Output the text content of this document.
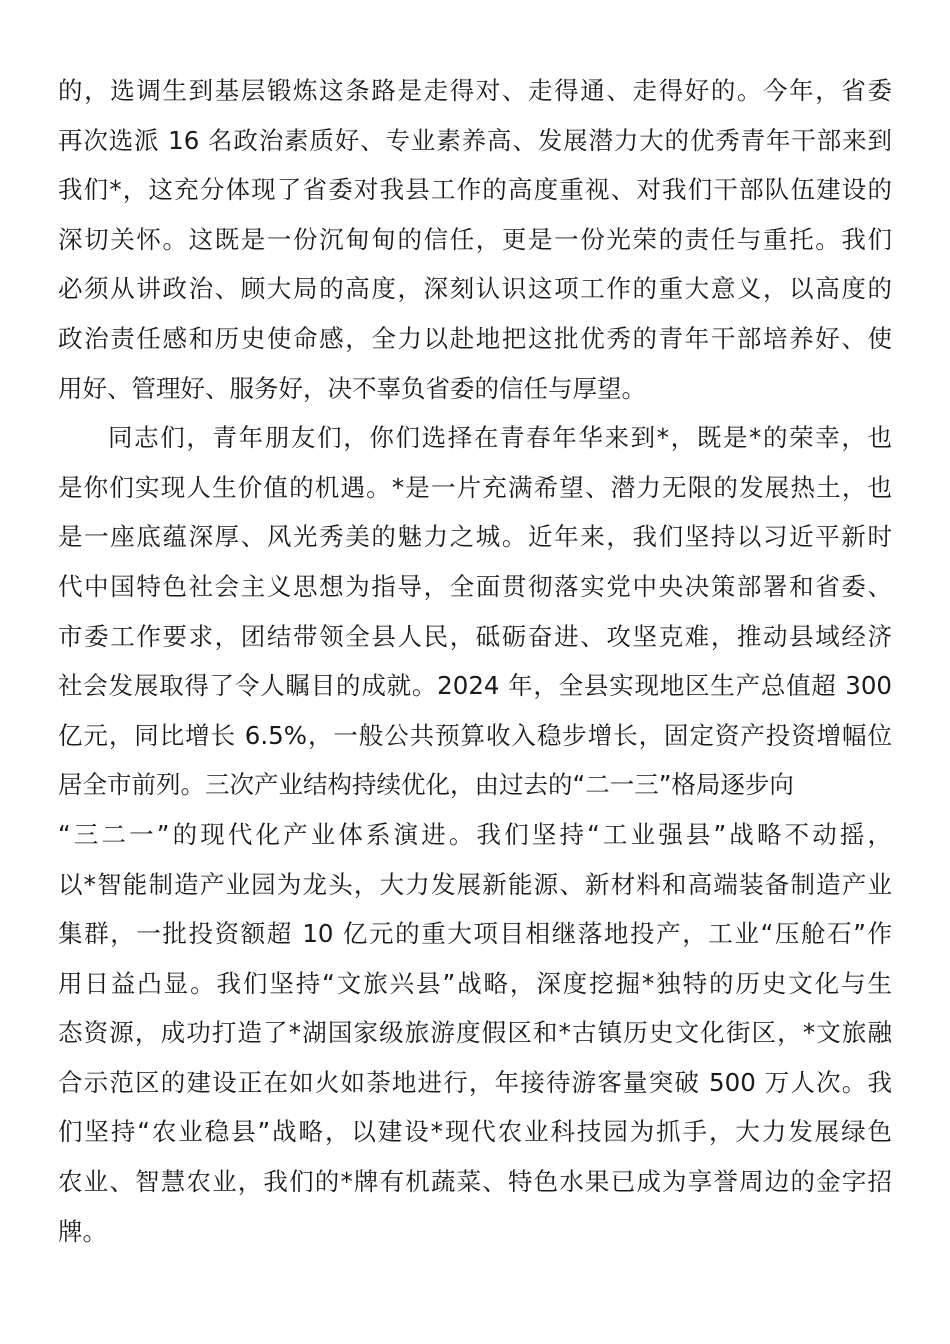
的，选调生到基层锻炼这条路是走得对、走得通、走得好的。今年，省委
再次选派 16 名政治素质好、专业素养高、发展潜力大的优秀青年干部来到
我们*，这充分体现了省委对我县工作的高度重视、对我们干部队伍建设的
深切关怀。这既是一份沉甸甸的信任，更是一份光荣的责任与重托。我们
必须从讲政治、顾大局的高度，深刻认识这项工作的重大意义，以高度的
政治责任感和历史使命感，全力以赴地把这批优秀的青年干部培养好、使
用好、管理好、服务好，决不辜负省委的信任与厚望。
同志们，青年朋友们，你们选择在青春年华来到*，既是*的荣幸，也
是你们实现人生价值的机遇。*是一片充满希望、潜力无限的发展热土，也
是一座底蕴深厚、风光秀美的魅力之城。近年来，我们坚持以习近平新时
代中国特色社会主义思想为指导，全面贯彻落实党中央决策部署和省委、
市委工作要求，团结带领全县人民，砥砺奋进、攻坚克难，推动县域经济
社会发展取得了令人瞩目的成就。2024 年，全县实现地区生产总值超 300
亿元，同比增长 6.5%，一般公共预算收入稳步增长，固定资产投资增幅位
居全市前列。三次产业结构持续优化，由过去的“二一三”格局逐步向
“三二一”的现代化产业体系演进。我们坚持“工业强县”战略不动摇，
以*智能制造产业园为龙头，大力发展新能源、新材料和高端装备制造产业
集群，一批投资额超 10 亿元的重大项目相继落地投产，工业“压舱石”作
用日益凸显。我们坚持“文旅兴县”战略，深度挖掘*独特的历史文化与生
态资源，成功打造了*湖国家级旅游度假区和*古镇历史文化街区，*文旅融
合示范区的建设正在如火如荼地进行，年接待游客量突破 500 万人次。我
们坚持“农业稳县”战略，以建设*现代农业科技园为抓手，大力发展绿色
农业、智慧农业，我们的*牌有机蔬菜、特色水果已成为享誉周边的金字招
牌。
